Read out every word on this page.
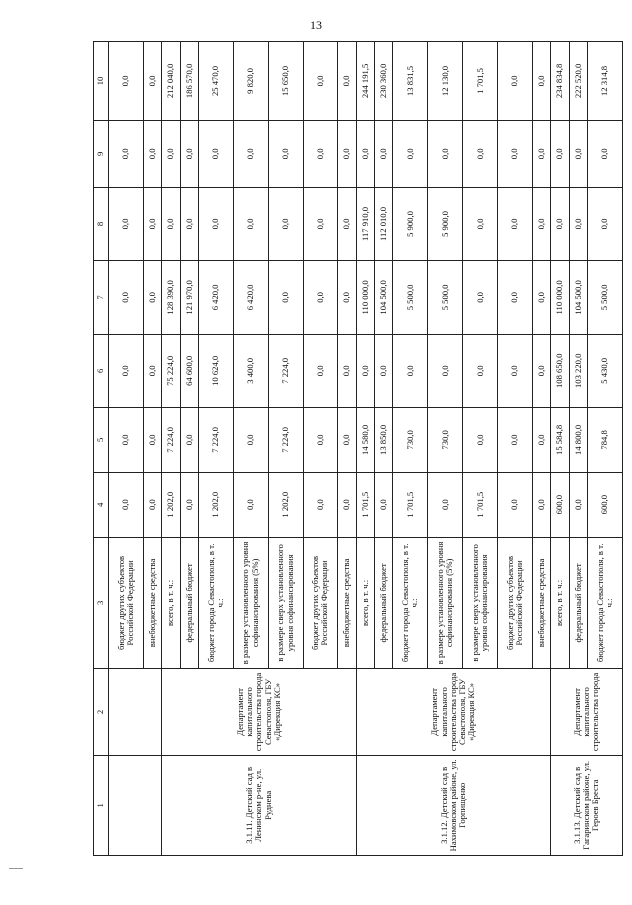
13
1	2	3	4	5	6	7	8	9	10
		бюджет других субъектов Российской Федерации	0,0	0,0	0,0	0,0	0,0	0,0	0,0
		внебюджетные средства	0,0	0,0	0,0	0,0	0,0	0,0	0,0
3.1.11. Детский сад в Ленинском р-не, ул. Руднева	Департамент капитального строительства города Севастополя, ГБУ «Дирекция КС»	всего, в т. ч.:	1 202,0	7 224,0	75 224,0	128 390,0	0,0	0,0	212 040,0
		федеральный бюджет	0,0	0,0	64 600,0	121 970,0	0,0	0,0	186 570,0
		бюджет города Севастополя, в т. ч.:	1 202,0	7 224,0	10 624,0	6 420,0	0,0	0,0	25 470,0
		в размере установленного уровня софинансирования (5%)	0,0	0,0	3 400,0	6 420,0	0,0	0,0	9 820,0
		в размере сверх установленного уровня софинансирования	1 202,0	7 224,0	7 224,0	0,0	0,0	0,0	15 650,0
		бюджет других субъектов Российской Федерации	0,0	0,0	0,0	0,0	0,0	0,0	0,0
		внебюджетные средства	0,0	0,0	0,0	0,0	0,0	0,0	0,0
3.1.12. Детский сад в Нахимовском районе, ул. Горпищенко	Департамент капитального строительства города Севастополя, ГБУ «Дирекция КС»	всего, в т. ч.:	1 701,5	14 580,0	0,0	110 000,0	117 910,0	0,0	244 191,5
		федеральный бюджет	0,0	13 850,0	0,0	104 500,0	112 010,0	0,0	230 360,0
		бюджет города Севастополя, в т. ч.:	1 701,5	730,0	0,0	5 500,0	5 900,0	0,0	13 831,5
		в размере установленного уровня софинансирования (5%)	0,0	730,0	0,0	5 500,0	5 900,0	0,0	12 130,0
		в размере сверх установленного уровня софинансирования	1 701,5	0,0	0,0	0,0	0,0	0,0	1 701,5
		бюджет других субъектов Российской Федерации	0,0	0,0	0,0	0,0	0,0	0,0	0,0
		внебюджетные средства	0,0	0,0	0,0	0,0	0,0	0,0	0,0
3.1.13. Детский сад в Гагаринском районе, ул. Героев Бреста	Департамент капитального строительства города	всего, в т. ч.:	600,0	15 584,8	108 650,0	110 000,0	0,0	0,0	234 834,8
		федеральный бюджет	0,0	14 800,0	103 220,0	104 500,0	0,0	0,0	222 520,0
		бюджет города Севастополя, в т. ч.:	600,0	784,8	5 430,0	5 500,0	0,0	0,0	12 314,8
